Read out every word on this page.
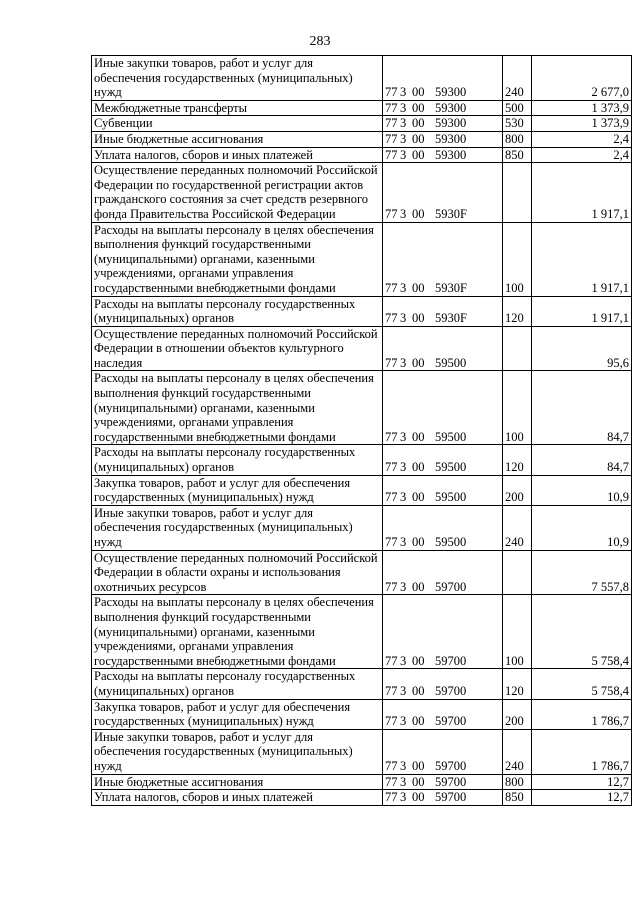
283
Иные закупки товаров, работ и услуг для обеспечения государственных (муниципальных) нужд	77 3 00 59300	240	2 677,0
Межбюджетные трансферты	77 3 00 59300	500	1 373,9
Субвенции	77 3 00 59300	530	1 373,9
Иные бюджетные ассигнования	77 3 00 59300	800	2,4
Уплата налогов, сборов и иных платежей	77 3 00 59300	850	2,4
Осуществление переданных полномочий Российской Федерации по государственной регистрации актов гражданского состояния за счет средств резервного фонда Правительства Российской Федерации	77 3 00 5930F		1 917,1
Расходы на выплаты персоналу в целях обеспечения выполнения функций государственными (муниципальными) органами, казенными учреждениями, органами управления государственными внебюджетными фондами	77 3 00 5930F	100	1 917,1
Расходы на выплаты персоналу государственных (муниципальных) органов	77 3 00 5930F	120	1 917,1
Осуществление переданных полномочий Российской Федерации в отношении объектов культурного наследия	77 3 00 59500		95,6
Расходы на выплаты персоналу в целях обеспечения выполнения функций государственными (муниципальными) органами, казенными учреждениями, органами управления государственными внебюджетными фондами	77 3 00 59500	100	84,7
Расходы на выплаты персоналу государственных (муниципальных) органов	77 3 00 59500	120	84,7
Закупка товаров, работ и услуг для обеспечения государственных (муниципальных) нужд	77 3 00 59500	200	10,9
Иные закупки товаров, работ и услуг для обеспечения государственных (муниципальных) нужд	77 3 00 59500	240	10,9
Осуществление переданных полномочий Российской Федерации в области охраны и использования охотничьих ресурсов	77 3 00 59700		7 557,8
Расходы на выплаты персоналу в целях обеспечения выполнения функций государственными (муниципальными) органами, казенными учреждениями, органами управления государственными внебюджетными фондами	77 3 00 59700	100	5 758,4
Расходы на выплаты персоналу государственных (муниципальных) органов	77 3 00 59700	120	5 758,4
Закупка товаров, работ и услуг для обеспечения государственных (муниципальных) нужд	77 3 00 59700	200	1 786,7
Иные закупки товаров, работ и услуг для обеспечения государственных (муниципальных) нужд	77 3 00 59700	240	1 786,7
Иные бюджетные ассигнования	77 3 00 59700	800	12,7
Уплата налогов, сборов и иных платежей	77 3 00 59700	850	12,7
